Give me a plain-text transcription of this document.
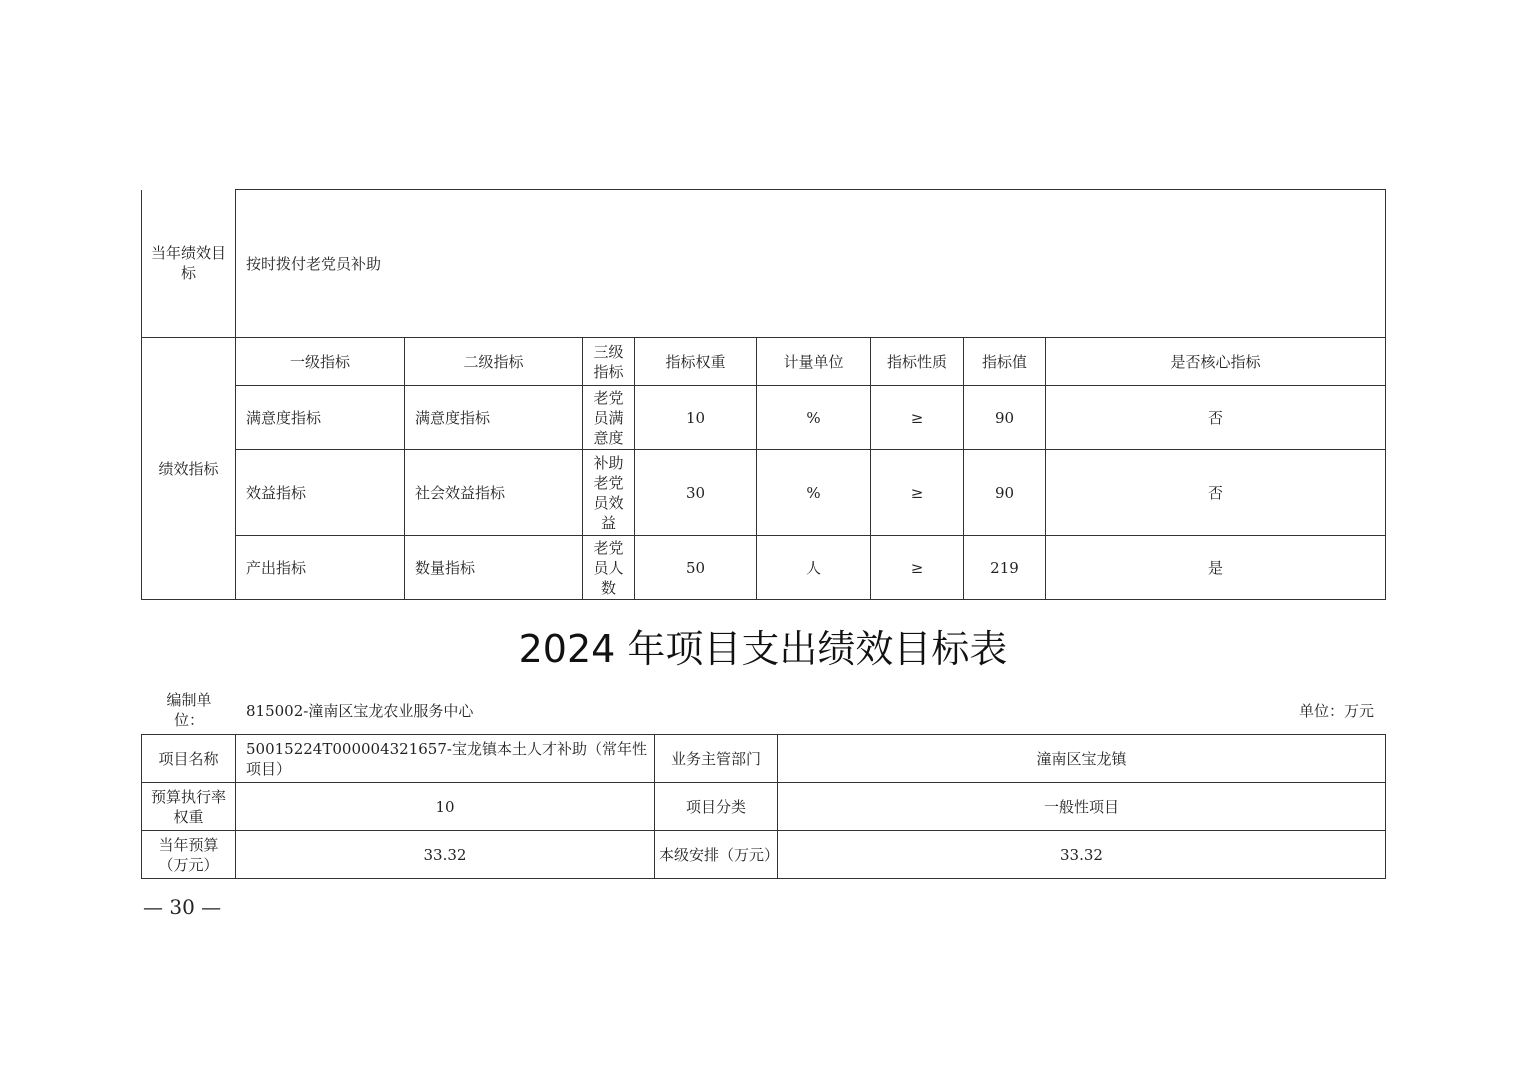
当年绩效目标	按时拨付老党员补助							
绩效指标	一级指标	二级指标	三级指标	指标权重	计量单位	指标性质	指标值	是否核心指标
	满意度指标	满意度指标	老党员满意度	10	%	≥	90	否
	效益指标	社会效益指标	补助老党员效益	30	%	≥	90	否
	产出指标	数量指标	老党员人数	50	人	≥	219	是
2024 年项目支出绩效目标表
编制单位：	815002-潼南区宝龙农业服务中心	单位：万元
项目名称	50015224T000004321657-宝龙镇本土人才补助（常年性项目）	业务主管部门	潼南区宝龙镇
预算执行率权重	10	项目分类	一般性项目
当年预算（万元）	33.32	本级安排（万元）	33.32
— 30 —
